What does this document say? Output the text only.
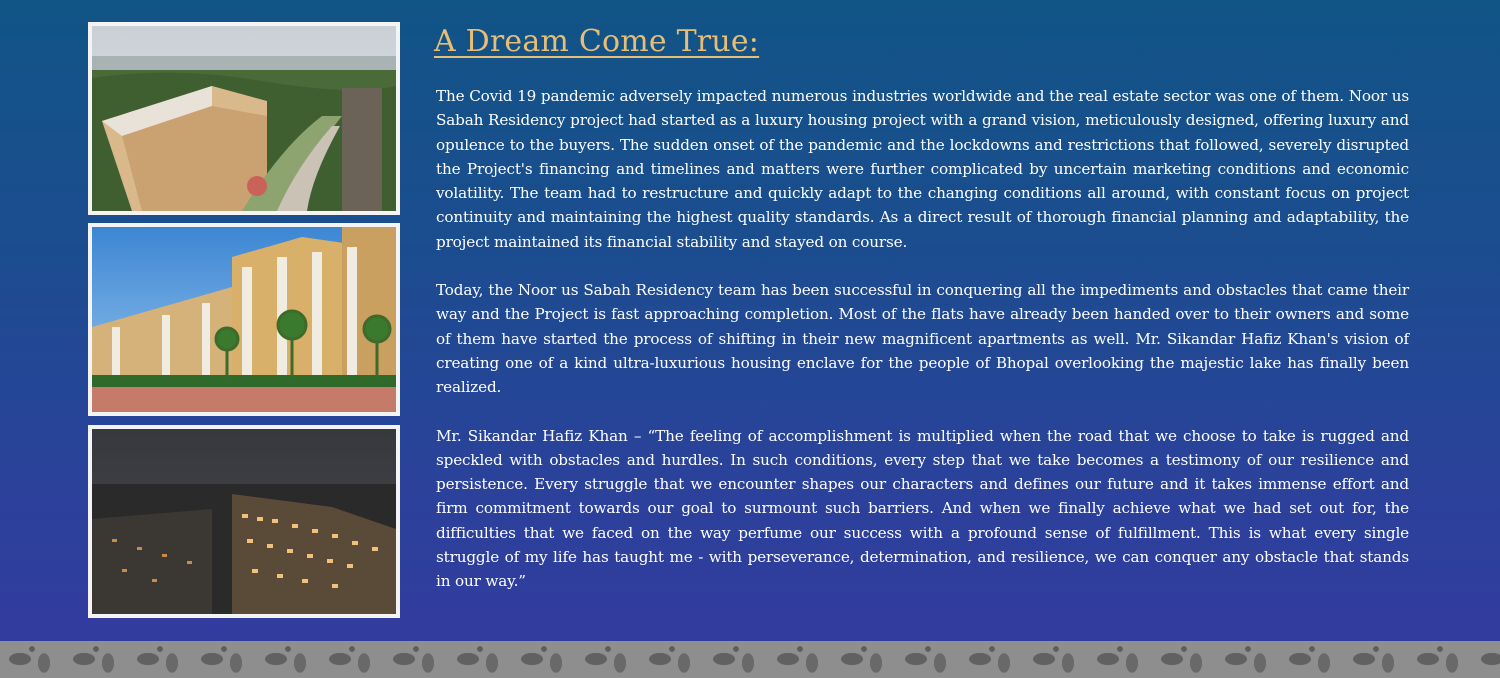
A Dream Come True:

The Covid 19 pandemic adversely impacted numerous industries worldwide and the real estate sector was one of them. Noor us Sabah Residency project had started as a luxury housing project with a grand vision, meticulously designed, offering luxury and opulence to the buyers. The sudden onset of the pandemic and the lockdowns and restrictions that followed, severely disrupted the Project's financing and timelines and matters were further complicated by uncertain marketing conditions and economic volatility. The team had to restructure and quickly adapt to the changing conditions all around, with constant focus on project continuity and maintaining the highest quality standards. As a direct result of thorough financial planning and adaptability, the project maintained its financial stability and stayed on course.

Today, the Noor us Sabah Residency team has been successful in conquering all the impediments and obstacles that came their way and the Project is fast approaching completion. Most of the flats have already been handed over to their owners and some of them have started the process of shifting in their new magnificent apartments as well. Mr. Sikandar Hafiz Khan's vision of creating one of a kind ultra-luxurious housing enclave for the people of Bhopal overlooking the majestic lake has finally been realized.

Mr. Sikandar Hafiz Khan – “The feeling of accomplishment is multiplied when the road that we choose to take is rugged and speckled with obstacles and hurdles. In such conditions, every step that we take becomes a testimony of our resilience and persistence. Every struggle that we encounter shapes our characters and defines our future and it takes immense effort and firm commitment towards our goal to surmount such barriers. And when we finally achieve what we had set out for, the difficulties that we faced on the way perfume our success with a profound sense of fulfillment. This is what every single struggle of my life has taught me - with perseverance, determination, and resilience, we can conquer any obstacle that stands in our way.”
